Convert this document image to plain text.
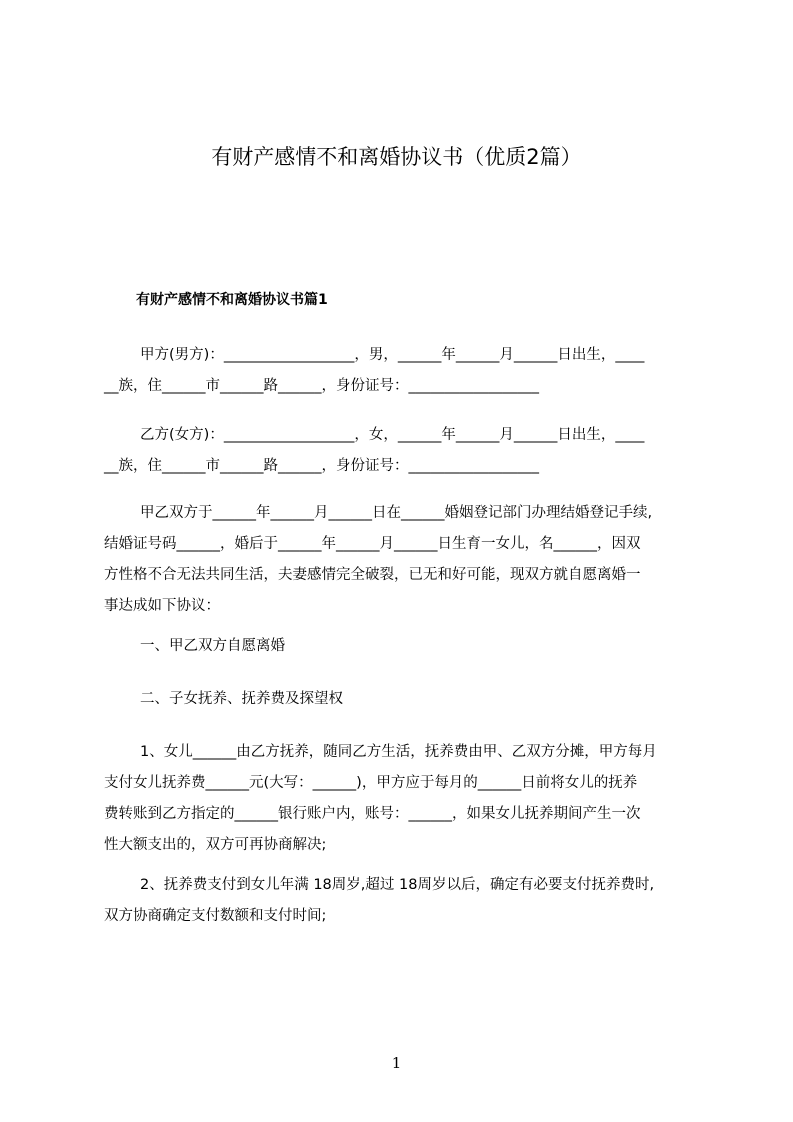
有财产感情不和离婚协议书（优质2篇）
有财产感情不和离婚协议书篇1
甲方(男方)：__________________，男，______年______月______日出生，____
__族，住______市______路______，身份证号：__________________
乙方(女方)：__________________，女，______年______月______日出生，____
__族，住______市______路______，身份证号：__________________
甲乙双方于______年______月______日在______婚姻登记部门办理结婚登记手续,
结婚证号码______，婚后于______年______月______日生育一女儿，名______，因双
方性格不合无法共同生活，夫妻感情完全破裂，已无和好可能，现双方就自愿离婚一
事达成如下协议：
一、甲乙双方自愿离婚
二、子女抚养、抚养费及探望权
1、女儿______由乙方抚养，随同乙方生活，抚养费由甲、乙双方分摊，甲方每月
支付女儿抚养费______元(大写：______)，甲方应于每月的______日前将女儿的抚养
费转账到乙方指定的______银行账户内，账号：______，如果女儿抚养期间产生一次
性大额支出的，双方可再协商解决;
2、抚养费支付到女儿年满 18周岁,超过 18周岁以后，确定有必要支付抚养费时,
双方协商确定支付数额和支付时间;
1
